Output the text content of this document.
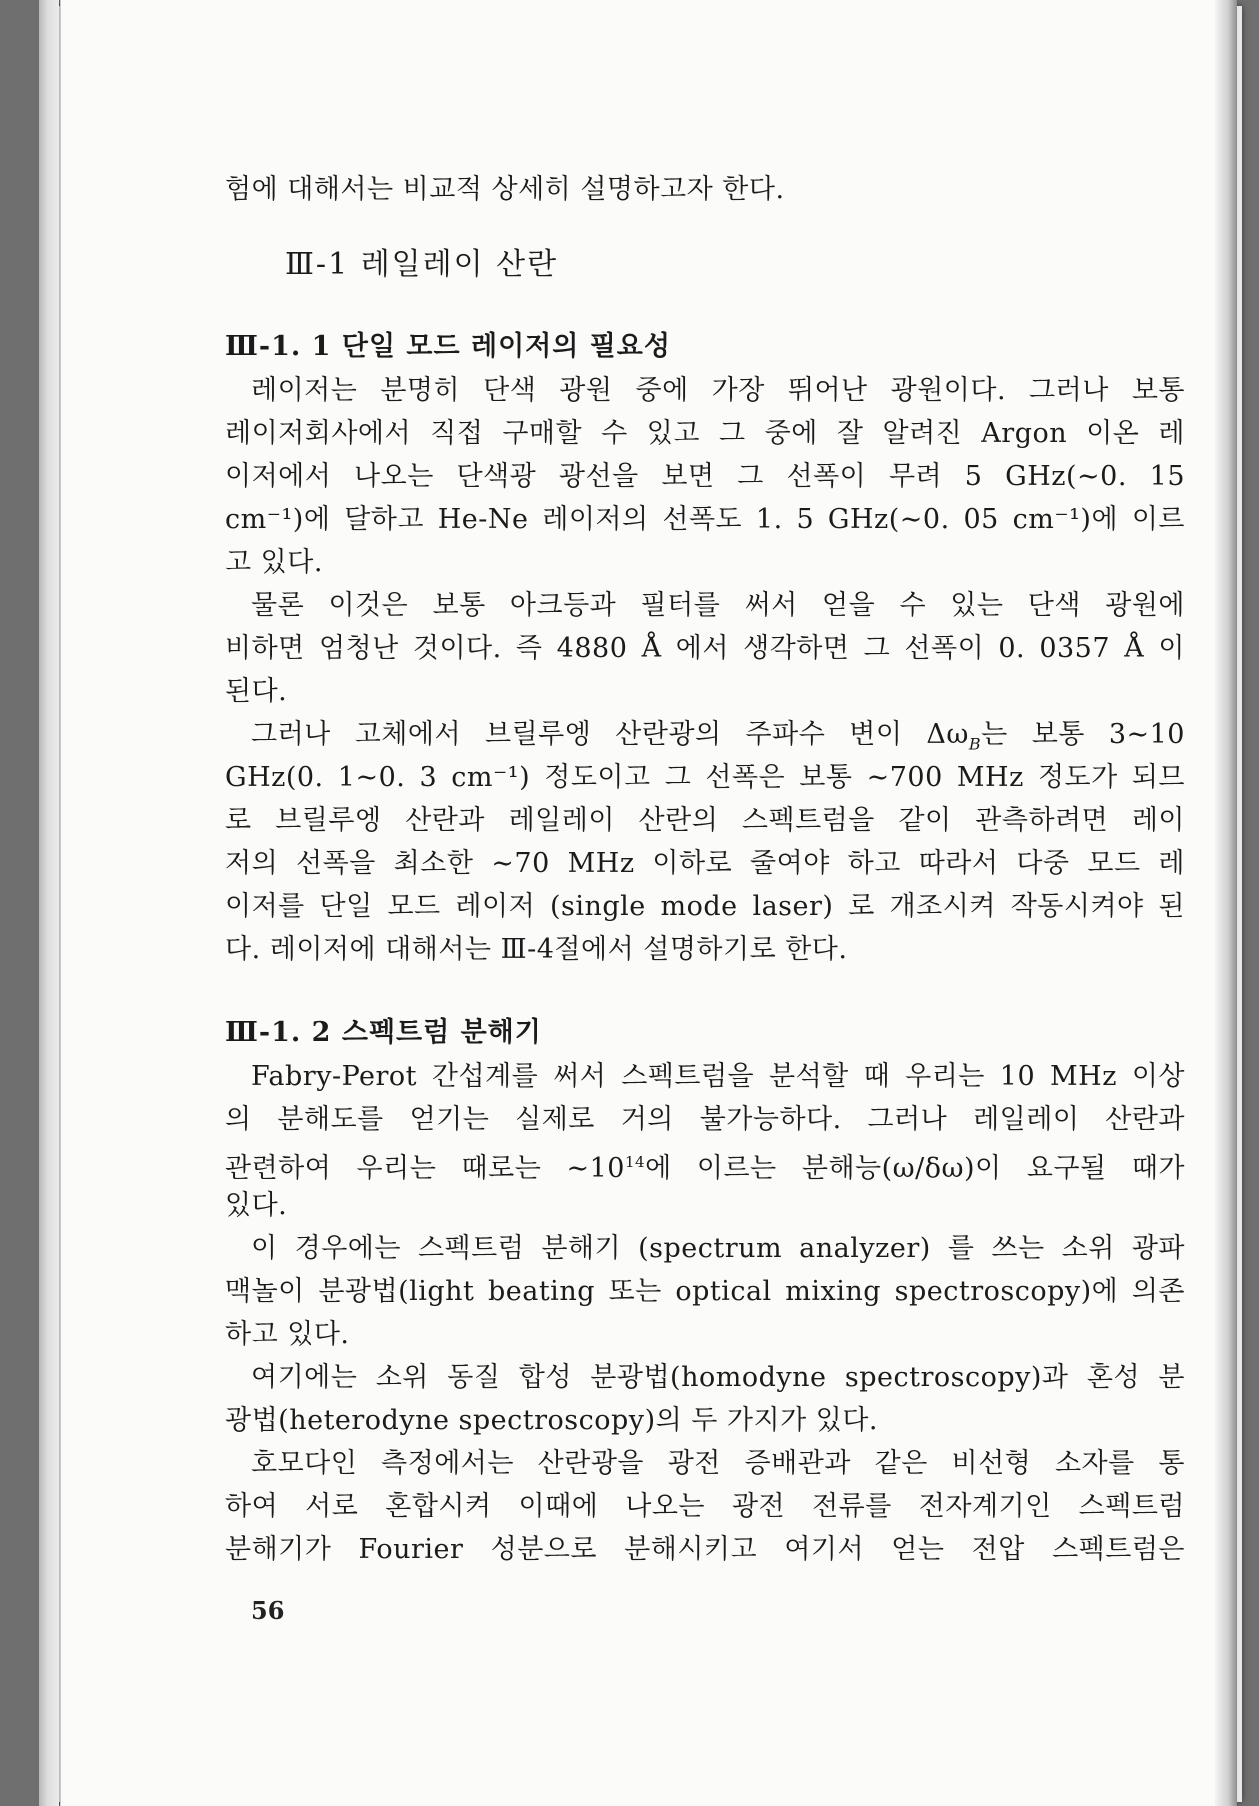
험에 대해서는 비교적 상세히 설명하고자 한다.
Ⅲ-1 레일레이 산란
Ⅲ-1. 1 단일 모드 레이저의 필요성
레이저는 분명히 단색 광원 중에 가장 뛰어난 광원이다. 그러나 보통
레이저회사에서 직접 구매할 수 있고 그 중에 잘 알려진 Argon 이온 레
이저에서 나오는 단색광 광선을 보면 그 선폭이 무려 5 GHz(∼0. 15
cm⁻¹)에 달하고 He-Ne 레이저의 선폭도 1. 5 GHz(∼0. 05 cm⁻¹)에 이르
고 있다.
물론 이것은 보통 아크등과 필터를 써서 얻을 수 있는 단색 광원에
비하면 엄청난 것이다. 즉 4880 Å 에서 생각하면 그 선폭이 0. 0357 Å 이
된다.
그러나 고체에서 브릴루엥 산란광의 주파수 변이 $\Delta\omega_B$는 보통 3∼10
GHz(0. 1∼0. 3 cm⁻¹) 정도이고 그 선폭은 보통 ∼700 MHz 정도가 되므
로 브릴루엥 산란과 레일레이 산란의 스펙트럼을 같이 관측하려면 레이
저의 선폭을 최소한 ∼70 MHz 이하로 줄여야 하고 따라서 다중 모드 레
이저를 단일 모드 레이저 (single mode laser) 로 개조시켜 작동시켜야 된
다. 레이저에 대해서는 Ⅲ-4절에서 설명하기로 한다.
Ⅲ-1. 2 스펙트럼 분해기
Fabry-Perot 간섭계를 써서 스펙트럼을 분석할 때 우리는 10 MHz 이상
의 분해도를 얻기는 실제로 거의 불가능하다. 그러나 레일레이 산란과
관련하여 우리는 때로는 $\sim 10^{14}$에 이르는 분해능(ω/δω)이 요구될 때가
있다.
이 경우에는 스펙트럼 분해기 (spectrum analyzer) 를 쓰는 소위 광파
맥놀이 분광법(light beating 또는 optical mixing spectroscopy)에 의존
하고 있다.
여기에는 소위 동질 합성 분광법(homodyne spectroscopy)과 혼성 분
광법(heterodyne spectroscopy)의 두 가지가 있다.
호모다인 측정에서는 산란광을 광전 증배관과 같은 비선형 소자를 통
하여 서로 혼합시켜 이때에 나오는 광전 전류를 전자계기인 스펙트럼
분해기가 Fourier 성분으로 분해시키고 여기서 얻는 전압 스펙트럼은
56
